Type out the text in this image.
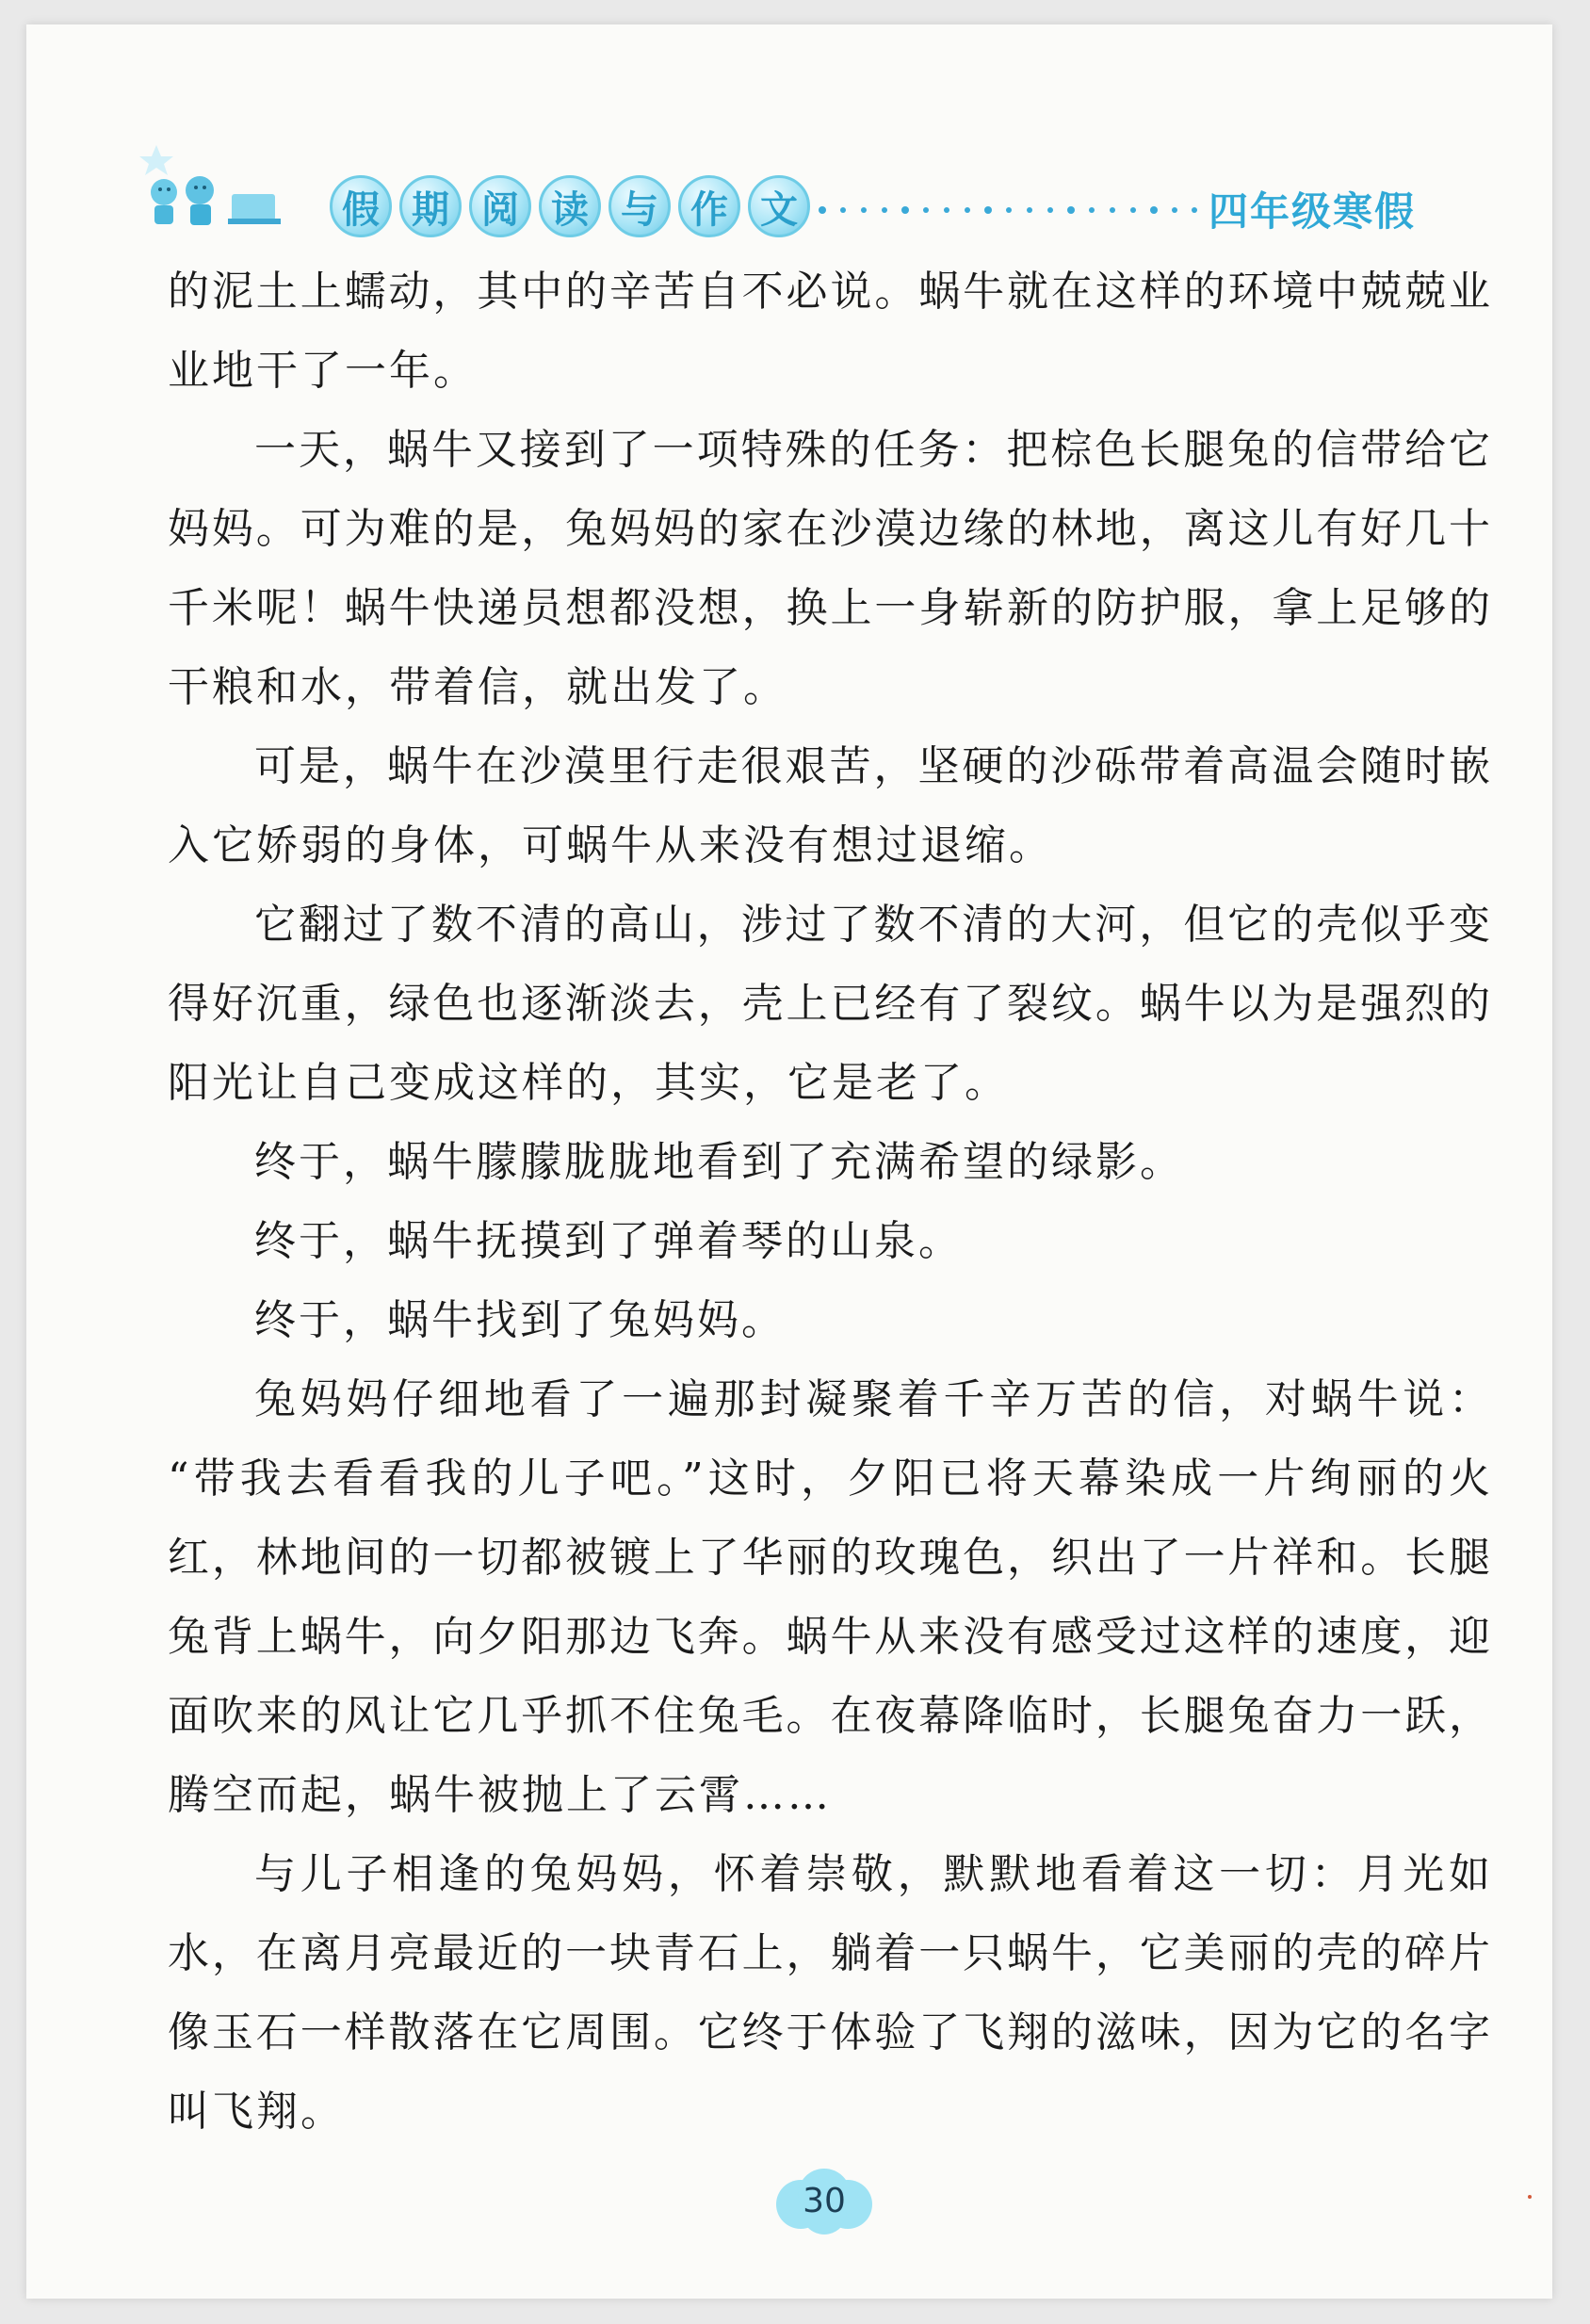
假 期 阅 读 与 作 文	四年级寒假
的泥土上蠕动，其中的辛苦自不必说。蜗牛就在这样的环境中兢兢业
业地干了一年。
一天，蜗牛又接到了一项特殊的任务：把棕色长腿兔的信带给它
妈妈。可为难的是，兔妈妈的家在沙漠边缘的林地，离这儿有好几十
千米呢！蜗牛快递员想都没想，换上一身崭新的防护服，拿上足够的
干粮和水，带着信，就出发了。
可是，蜗牛在沙漠里行走很艰苦，坚硬的沙砾带着高温会随时嵌
入它娇弱的身体，可蜗牛从来没有想过退缩。
它翻过了数不清的高山，涉过了数不清的大河，但它的壳似乎变
得好沉重，绿色也逐渐淡去，壳上已经有了裂纹。蜗牛以为是强烈的
阳光让自己变成这样的，其实，它是老了。
终于，蜗牛朦朦胧胧地看到了充满希望的绿影。
终于，蜗牛抚摸到了弹着琴的山泉。
终于，蜗牛找到了兔妈妈。
兔妈妈仔细地看了一遍那封凝聚着千辛万苦的信，对蜗牛说：
“带我去看看我的儿子吧。”这时，夕阳已将天幕染成一片绚丽的火
红，林地间的一切都被镀上了华丽的玫瑰色，织出了一片祥和。长腿
兔背上蜗牛，向夕阳那边飞奔。蜗牛从来没有感受过这样的速度，迎
面吹来的风让它几乎抓不住兔毛。在夜幕降临时，长腿兔奋力一跃，
腾空而起，蜗牛被抛上了云霄……
与儿子相逢的兔妈妈，怀着崇敬，默默地看着这一切：月光如
水，在离月亮最近的一块青石上，躺着一只蜗牛，它美丽的壳的碎片
像玉石一样散落在它周围。它终于体验了飞翔的滋味，因为它的名字
叫飞翔。
30
